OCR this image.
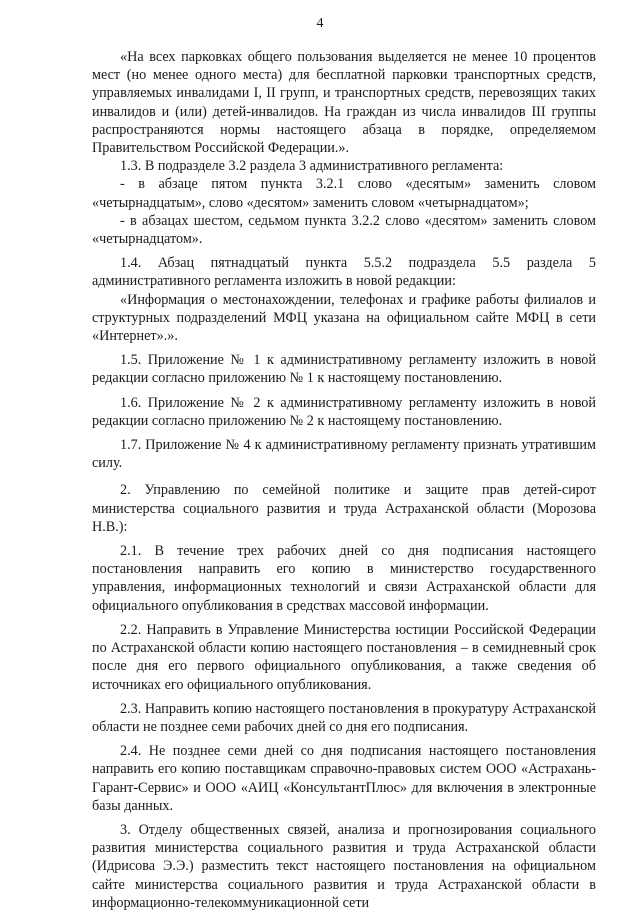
4

«На всех парковках общего пользования выделяется не менее 10 процентов мест (но менее одного места) для бесплатной парковки транспортных средств, управляемых инвалидами I, II групп, и транспортных средств, перевозящих таких инвалидов и (или) детей-инвалидов. На граждан из числа инвалидов III группы распространяются нормы настоящего абзаца в порядке, определяемом Правительством Российской Федерации.».

1.3. В подразделе 3.2 раздела 3 административного регламента:

- в абзаце пятом пункта 3.2.1 слово «десятым» заменить словом «четырнадцатым», слово «десятом» заменить словом «четырнадцатом»;

- в абзацах шестом, седьмом пункта 3.2.2 слово «десятом» заменить словом «четырнадцатом».

1.4. Абзац пятнадцатый пункта 5.5.2 подраздела 5.5 раздела 5 административного регламента изложить в новой редакции:

«Информация о местонахождении, телефонах и графике работы филиалов и структурных подразделений МФЦ указана на официальном сайте МФЦ в сети «Интернет».».

1.5. Приложение № 1 к административному регламенту изложить в новой редакции согласно приложению № 1 к настоящему постановлению.

1.6. Приложение № 2 к административному регламенту изложить в новой редакции согласно приложению № 2 к настоящему постановлению.

1.7. Приложение № 4 к административному регламенту признать утратившим силу.

2. Управлению по семейной политике и защите прав детей-сирот министерства социального развития и труда Астраханской области (Морозова Н.В.):

2.1. В течение трех рабочих дней со дня подписания настоящего постановления направить его копию в министерство государственного управления, информационных технологий и связи Астраханской области для официального опубликования в средствах массовой информации.

2.2. Направить в Управление Министерства юстиции Российской Федерации по Астраханской области копию настоящего постановления – в семидневный срок после дня его первого официального опубликования, а также сведения об источниках его официального опубликования.

2.3. Направить копию настоящего постановления в прокуратуру Астраханской области не позднее семи рабочих дней со дня его подписания.

2.4. Не позднее семи дней со дня подписания настоящего постановления направить его копию поставщикам справочно-правовых систем ООО «Астрахань-Гарант-Сервис» и ООО «АИЦ «КонсультантПлюс» для включения в электронные базы данных.

3. Отделу общественных связей, анализа и прогнозирования социального развития министерства социального развития и труда Астраханской области (Идрисова Э.Э.) разместить текст настоящего постановления на официальном сайте министерства социального развития и труда Астраханской области в информационно-телекоммуникационной сети
